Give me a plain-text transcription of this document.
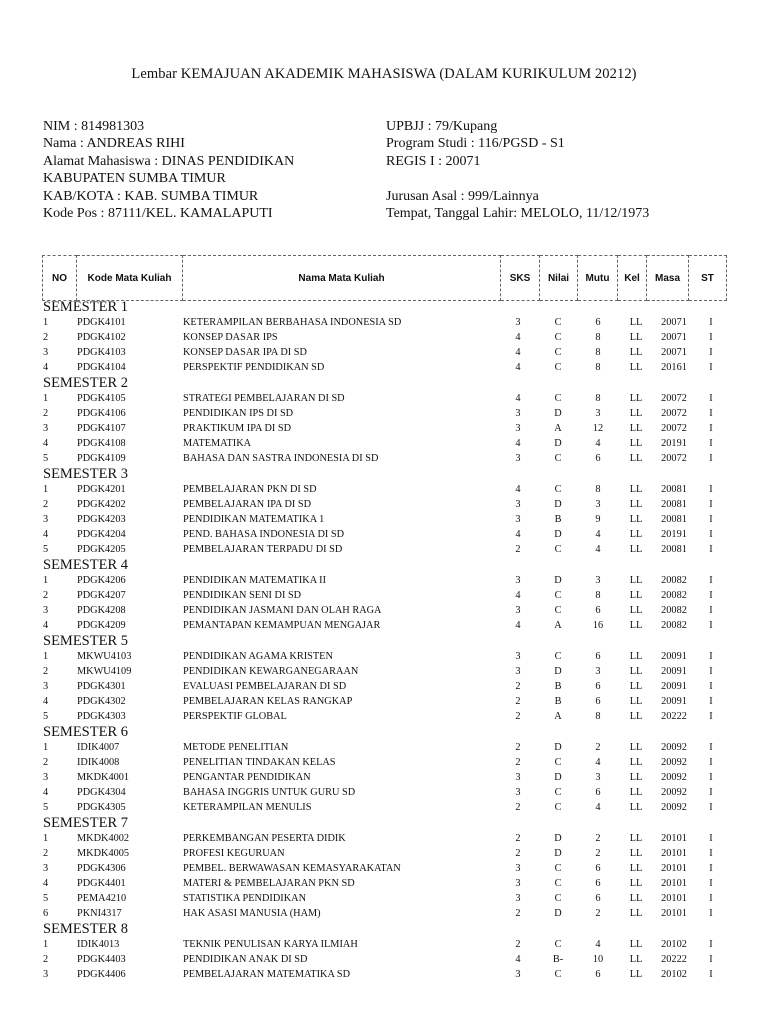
Lembar KEMAJUAN AKADEMIK MAHASISWA (DALAM KURIKULUM 20212)
NIM : 814981303
Nama : ANDREAS RIHI
Alamat Mahasiswa : DINAS PENDIDIKAN
KABUPATEN SUMBA TIMUR
KAB/KOTA : KAB. SUMBA TIMUR
Kode Pos : 87111/KEL. KAMALAPUTI
UPBJJ : 79/Kupang
Program Studi : 116/PGSD - S1
REGIS I : 20071
Jurusan Asal : 999/Lainnya
Tempat, Tanggal Lahir: MELOLO, 11/12/1973
NO	Kode Mata Kuliah	Nama Mata Kuliah	SKS	Nilai	Mutu	Kel	Masa	ST
SEMESTER 1
1	PDGK4101	KETERAMPILAN BERBAHASA INDONESIA SD	3	C	6	LL	20071	I
2	PDGK4102	KONSEP DASAR IPS	4	C	8	LL	20071	I
3	PDGK4103	KONSEP DASAR IPA DI SD	4	C	8	LL	20071	I
4	PDGK4104	PERSPEKTIF PENDIDIKAN SD	4	C	8	LL	20161	I
SEMESTER 2
1	PDGK4105	STRATEGI PEMBELAJARAN DI SD	4	C	8	LL	20072	I
2	PDGK4106	PENDIDIKAN IPS DI SD	3	D	3	LL	20072	I
3	PDGK4107	PRAKTIKUM IPA DI SD	3	A	12	LL	20072	I
4	PDGK4108	MATEMATIKA	4	D	4	LL	20191	I
5	PDGK4109	BAHASA DAN SASTRA INDONESIA DI SD	3	C	6	LL	20072	I
SEMESTER 3
1	PDGK4201	PEMBELAJARAN PKN DI SD	4	C	8	LL	20081	I
2	PDGK4202	PEMBELAJARAN IPA DI SD	3	D	3	LL	20081	I
3	PDGK4203	PENDIDIKAN MATEMATIKA 1	3	B	9	LL	20081	I
4	PDGK4204	PEND. BAHASA INDONESIA DI SD	4	D	4	LL	20191	I
5	PDGK4205	PEMBELAJARAN TERPADU DI SD	2	C	4	LL	20081	I
SEMESTER 4
1	PDGK4206	PENDIDIKAN MATEMATIKA II	3	D	3	LL	20082	I
2	PDGK4207	PENDIDIKAN SENI DI SD	4	C	8	LL	20082	I
3	PDGK4208	PENDIDIKAN JASMANI DAN OLAH RAGA	3	C	6	LL	20082	I
4	PDGK4209	PEMANTAPAN KEMAMPUAN MENGAJAR	4	A	16	LL	20082	I
SEMESTER 5
1	MKWU4103	PENDIDIKAN AGAMA KRISTEN	3	C	6	LL	20091	I
2	MKWU4109	PENDIDIKAN KEWARGANEGARAAN	3	D	3	LL	20091	I
3	PDGK4301	EVALUASI PEMBELAJARAN DI SD	2	B	6	LL	20091	I
4	PDGK4302	PEMBELAJARAN KELAS RANGKAP	2	B	6	LL	20091	I
5	PDGK4303	PERSPEKTIF GLOBAL	2	A	8	LL	20222	I
SEMESTER 6
1	IDIK4007	METODE PENELITIAN	2	D	2	LL	20092	I
2	IDIK4008	PENELITIAN TINDAKAN KELAS	2	C	4	LL	20092	I
3	MKDK4001	PENGANTAR PENDIDIKAN	3	D	3	LL	20092	I
4	PDGK4304	BAHASA INGGRIS UNTUK GURU SD	3	C	6	LL	20092	I
5	PDGK4305	KETERAMPILAN MENULIS	2	C	4	LL	20092	I
SEMESTER 7
1	MKDK4002	PERKEMBANGAN PESERTA DIDIK	2	D	2	LL	20101	I
2	MKDK4005	PROFESI KEGURUAN	2	D	2	LL	20101	I
3	PDGK4306	PEMBEL. BERWAWASAN KEMASYARAKATAN	3	C	6	LL	20101	I
4	PDGK4401	MATERI & PEMBELAJARAN PKN SD	3	C	6	LL	20101	I
5	PEMA4210	STATISTIKA PENDIDIKAN	3	C	6	LL	20101	I
6	PKNI4317	HAK ASASI MANUSIA (HAM)	2	D	2	LL	20101	I
SEMESTER 8
1	IDIK4013	TEKNIK PENULISAN KARYA ILMIAH	2	C	4	LL	20102	I
2	PDGK4403	PENDIDIKAN ANAK DI SD	4	B-	10	LL	20222	I
3	PDGK4406	PEMBELAJARAN MATEMATIKA SD	3	C	6	LL	20102	I
